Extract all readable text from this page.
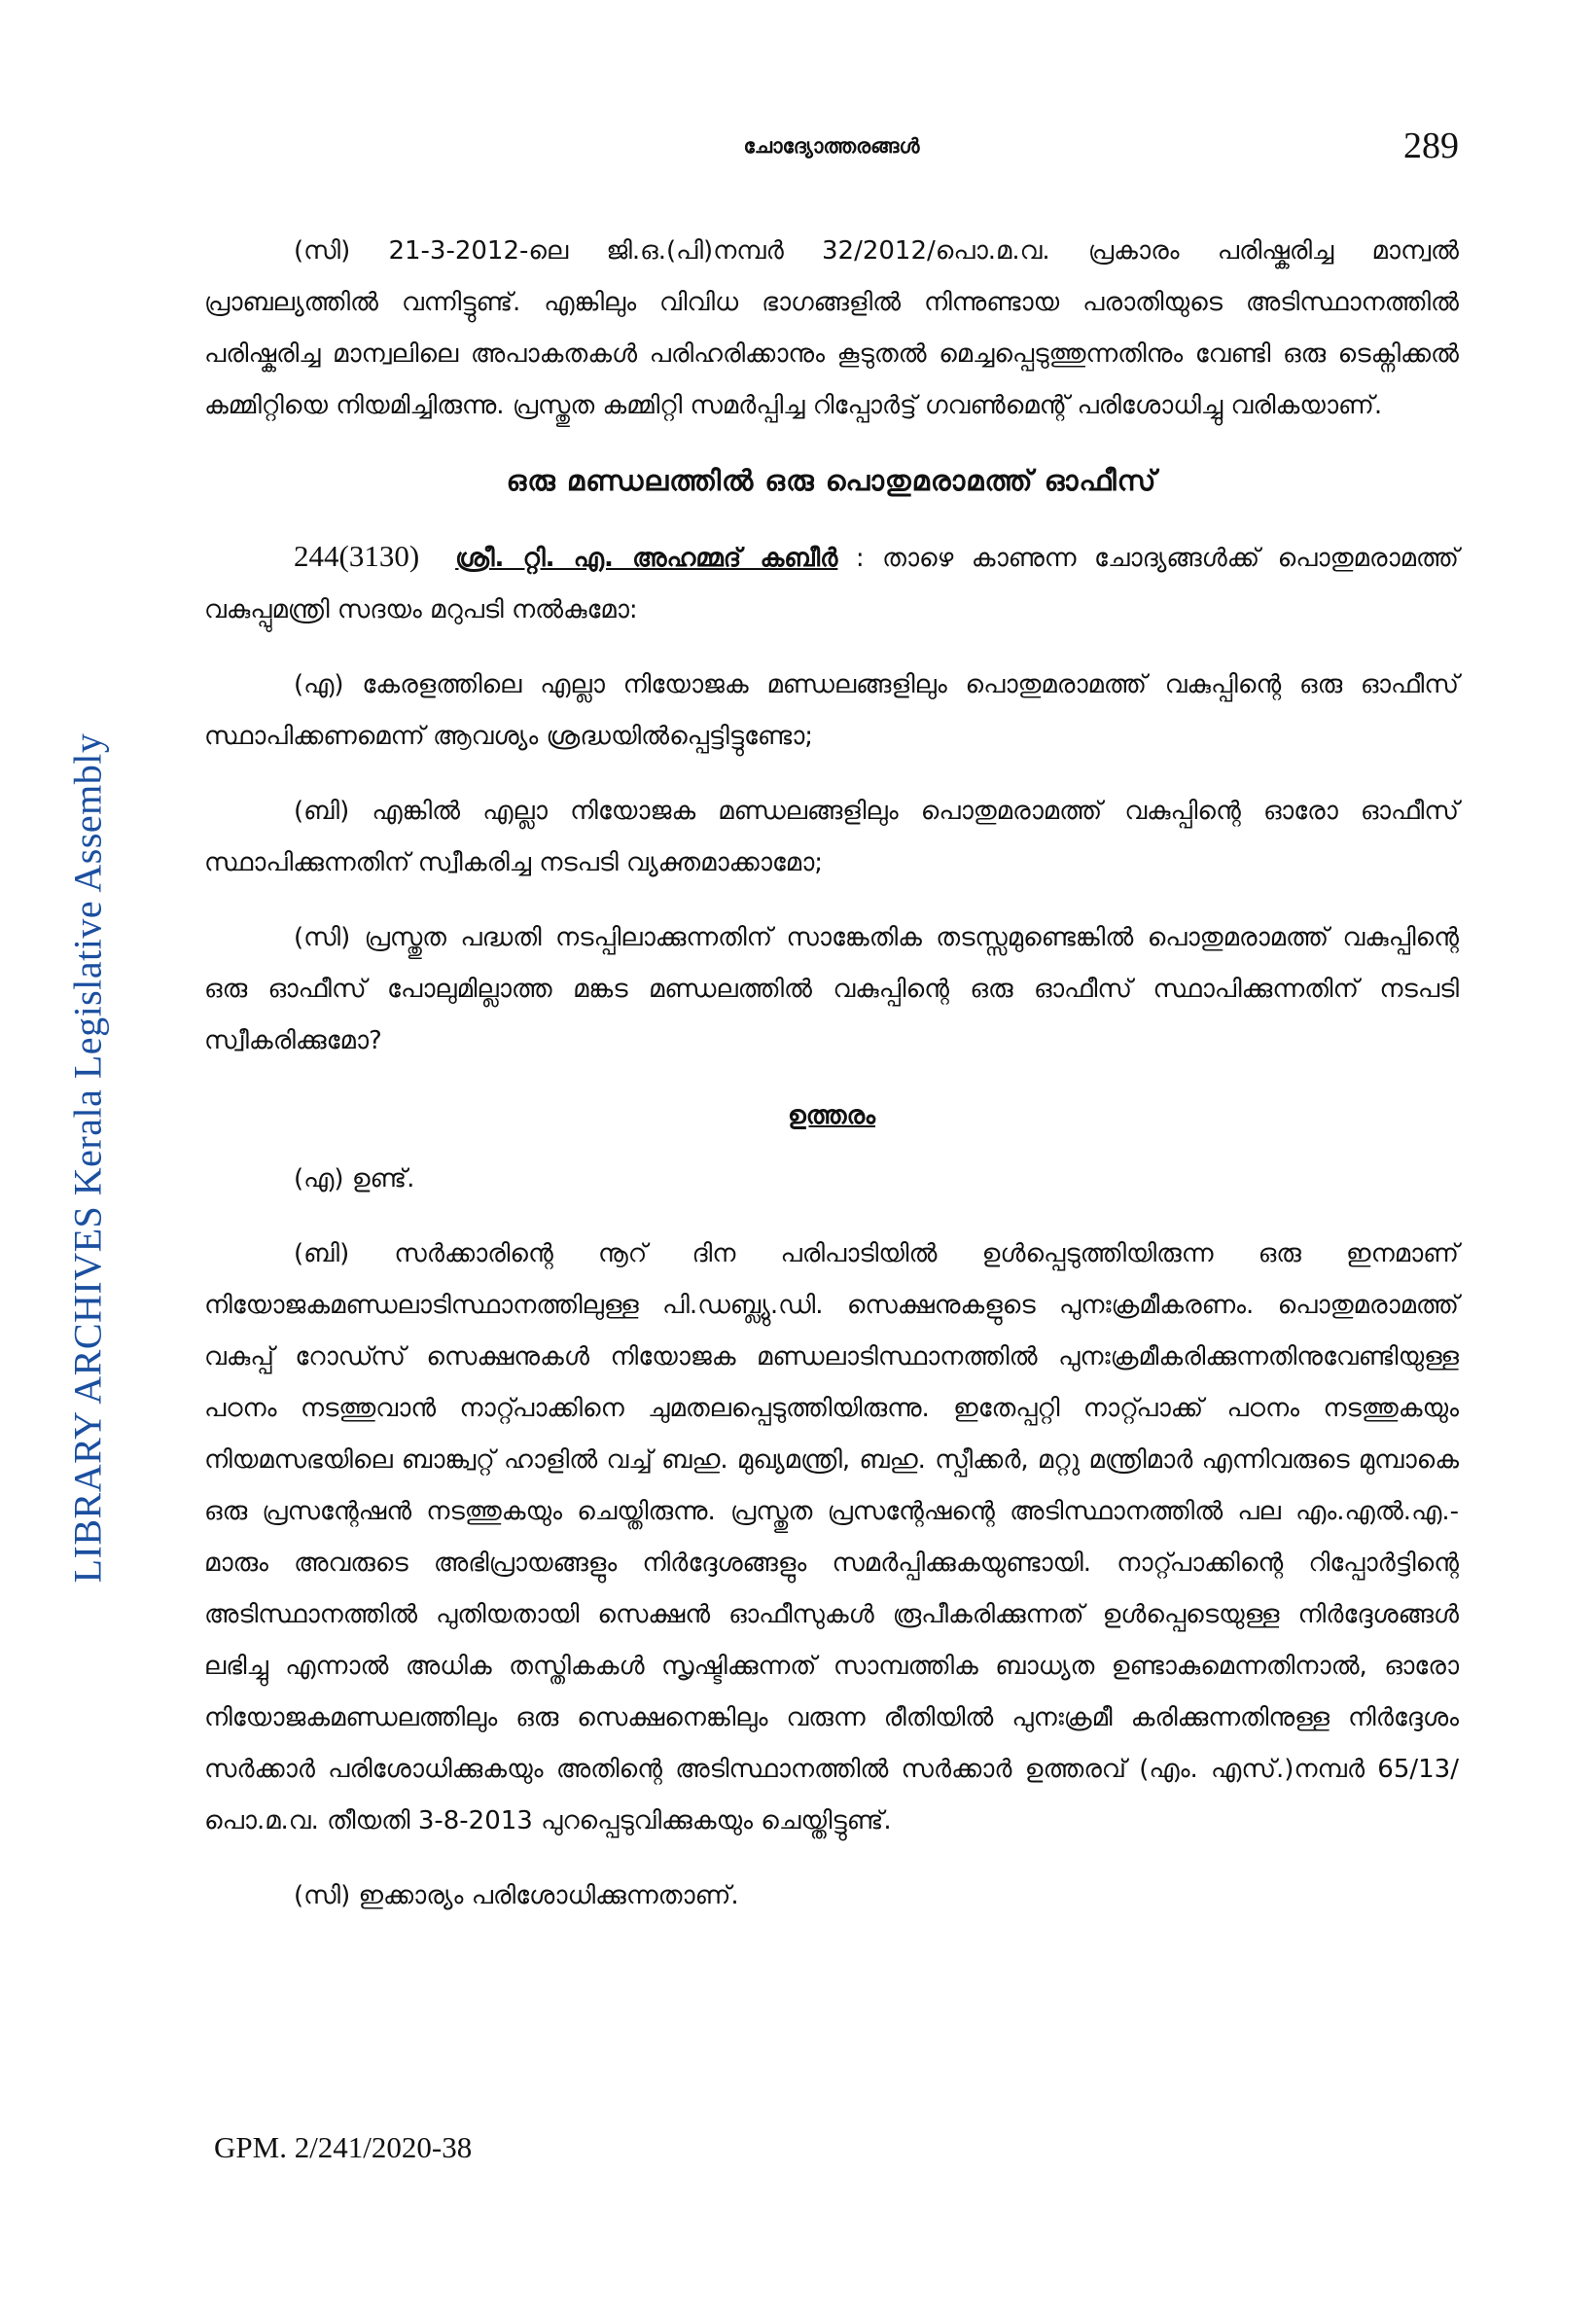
LIBRARY ARCHIVES Kerala Legislative Assembly
ചോദ്യോത്തരങ്ങൾ	289

(സി) 21-3-2012-ലെ ജി.ഒ.(പി)നമ്പർ 32/2012/പൊ.മ.വ. പ്രകാരം പരിഷ്കരിച്ച മാന്വൽ പ്രാബല്യത്തിൽ വന്നിട്ടുണ്ട്. എങ്കിലും വിവിധ ഭാഗങ്ങളിൽ നിന്നുണ്ടായ പരാതിയുടെ അടിസ്ഥാനത്തിൽ പരിഷ്കരിച്ച മാന്വലിലെ അപാകതകൾ പരിഹരിക്കാനും കൂടുതൽ മെച്ചപ്പെടുത്തുന്നതിനും വേണ്ടി ഒരു ടെക്നിക്കൽ കമ്മിറ്റിയെ നിയമിച്ചിരുന്നു. പ്രസ്തുത കമ്മിറ്റി സമർപ്പിച്ച റിപ്പോർട്ട് ഗവൺമെന്റ് പരിശോധിച്ചു വരികയാണ്.

ഒരു മണ്ഡലത്തിൽ ഒരു പൊതുമരാമത്ത് ഓഫീസ്

244(3130) ശ്രീ. റ്റി. എ. അഹമ്മദ് കബീർ : താഴെ കാണുന്ന ചോദ്യങ്ങൾക്ക് പൊതുമരാമത്ത് വകുപ്പുമന്ത്രി സദയം മറുപടി നൽകുമോ:

(എ) കേരളത്തിലെ എല്ലാ നിയോജക മണ്ഡലങ്ങളിലും പൊതുമരാമത്ത് വകുപ്പിന്റെ ഒരു ഓഫീസ് സ്ഥാപിക്കണമെന്ന് ആവശ്യം ശ്രദ്ധയിൽപ്പെട്ടിട്ടുണ്ടോ;

(ബി) എങ്കിൽ എല്ലാ നിയോജക മണ്ഡലങ്ങളിലും പൊതുമരാമത്ത് വകുപ്പിന്റെ ഓരോ ഓഫീസ് സ്ഥാപിക്കുന്നതിന് സ്വീകരിച്ച നടപടി വ്യക്തമാക്കാമോ;

(സി) പ്രസ്തുത പദ്ധതി നടപ്പിലാക്കുന്നതിന് സാങ്കേതിക തടസ്സമുണ്ടെങ്കിൽ പൊതുമരാമത്ത് വകുപ്പിന്റെ ഒരു ഓഫീസ് പോലുമില്ലാത്ത മങ്കട മണ്ഡലത്തിൽ വകുപ്പിന്റെ ഒരു ഓഫീസ് സ്ഥാപിക്കുന്നതിന് നടപടി സ്വീകരിക്കുമോ?

ഉത്തരം

(എ) ഉണ്ട്.

(ബി) സർക്കാരിന്റെ നൂറ് ദിന പരിപാടിയിൽ ഉൾപ്പെടുത്തിയിരുന്ന ഒരു ഇനമാണ് നിയോജകമണ്ഡലാടിസ്ഥാനത്തിലുള്ള പി.ഡബ്ല്യു.ഡി. സെക്ഷനുകളുടെ പുനഃക്രമീകരണം. പൊതുമരാമത്ത് വകുപ്പ് റോഡ്സ് സെക്ഷനുകൾ നിയോജക മണ്ഡലാടിസ്ഥാനത്തിൽ പുനഃക്രമീകരിക്കുന്നതിനുവേണ്ടിയുള്ള പഠനം നടത്തുവാൻ നാറ്റ്പാക്കിനെ ചുമതലപ്പെടുത്തിയിരുന്നു. ഇതേപ്പറ്റി നാറ്റ്പാക്ക് പഠനം നടത്തുകയും നിയമസഭയിലെ ബാങ്ക്വറ്റ് ഹാളിൽ വച്ച് ബഹു. മുഖ്യമന്ത്രി, ബഹു. സ്പീക്കർ, മറ്റു മന്ത്രിമാർ എന്നിവരുടെ മുമ്പാകെ ഒരു പ്രസന്റേഷൻ നടത്തുകയും ചെയ്തിരുന്നു. പ്രസ്തുത പ്രസന്റേഷന്റെ അടിസ്ഥാനത്തിൽ പല എം.എൽ.എ.-മാരും അവരുടെ അഭിപ്രായങ്ങളും നിർദ്ദേശങ്ങളും സമർപ്പിക്കുകയുണ്ടായി. നാറ്റ്പാക്കിന്റെ റിപ്പോർട്ടിന്റെ അടിസ്ഥാനത്തിൽ പുതിയതായി സെക്ഷൻ ഓഫീസുകൾ രൂപീകരിക്കുന്നത് ഉൾപ്പെടെയുള്ള നിർദ്ദേശങ്ങൾ ലഭിച്ചു എന്നാൽ അധിക തസ്തികകൾ സൃഷ്ടിക്കുന്നത് സാമ്പത്തിക ബാധ്യത ഉണ്ടാകുമെന്നതിനാൽ, ഓരോ നിയോജകമണ്ഡലത്തിലും ഒരു സെക്ഷനെങ്കിലും വരുന്ന രീതിയിൽ പുനഃക്രമീ കരിക്കുന്നതിനുള്ള നിർദ്ദേശം സർക്കാർ പരിശോധിക്കുകയും അതിന്റെ അടിസ്ഥാനത്തിൽ സർക്കാർ ഉത്തരവ് (എം. എസ്.)നമ്പർ 65/13/പൊ.മ.വ. തീയതി 3-8-2013 പുറപ്പെടുവിക്കുകയും ചെയ്തിട്ടുണ്ട്.

(സി) ഇക്കാര്യം പരിശോധിക്കുന്നതാണ്.

GPM. 2/241/2020-38
